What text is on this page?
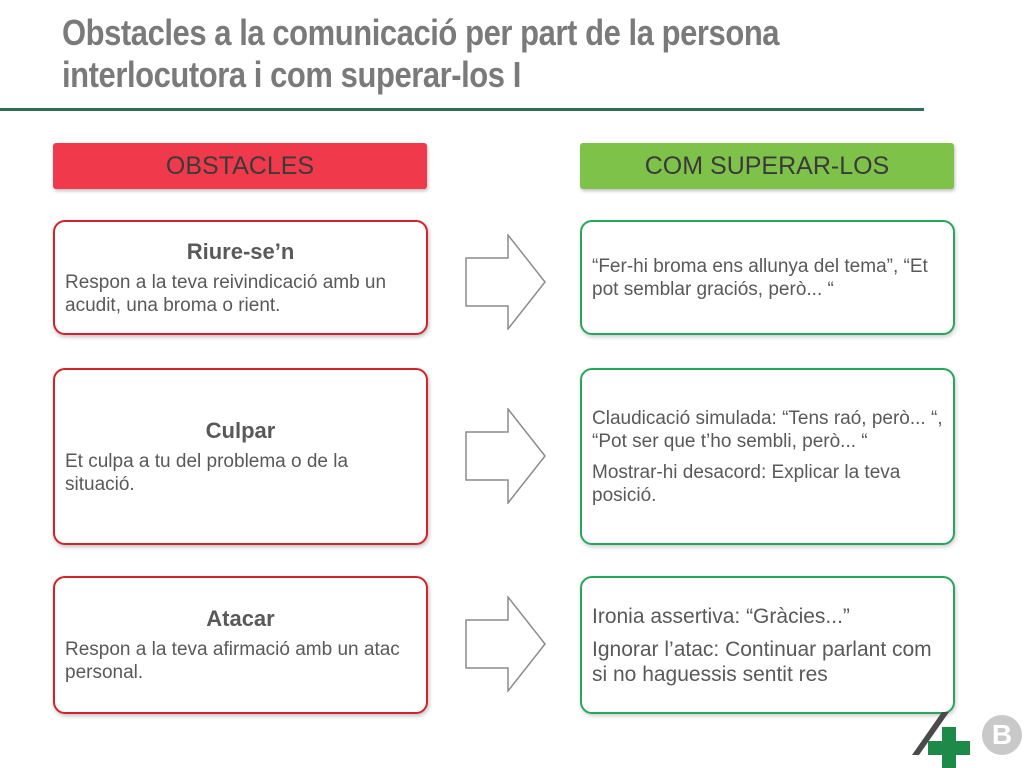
Obstacles a la comunicació per part de la persona
interlocutora i com superar-los I
OBSTACLES	COM SUPERAR-LOS
Riure-se’n
Respon a la teva reivindicació amb un acudit, una broma o rient.
“Fer-hi broma ens allunya del tema”, “Et pot semblar graciós, però... “
Culpar
Et culpa a tu del problema o de la situació.
Claudicació simulada: “Tens raó, però... “, “Pot ser que t’ho sembli, però... “
Mostrar-hi desacord: Explicar la teva posició.
Atacar
Respon a la teva afirmació amb un atac personal.
Ironia assertiva: “Gràcies...”
Ignorar l’atac: Continuar parlant com si no haguessis sentit res
B
